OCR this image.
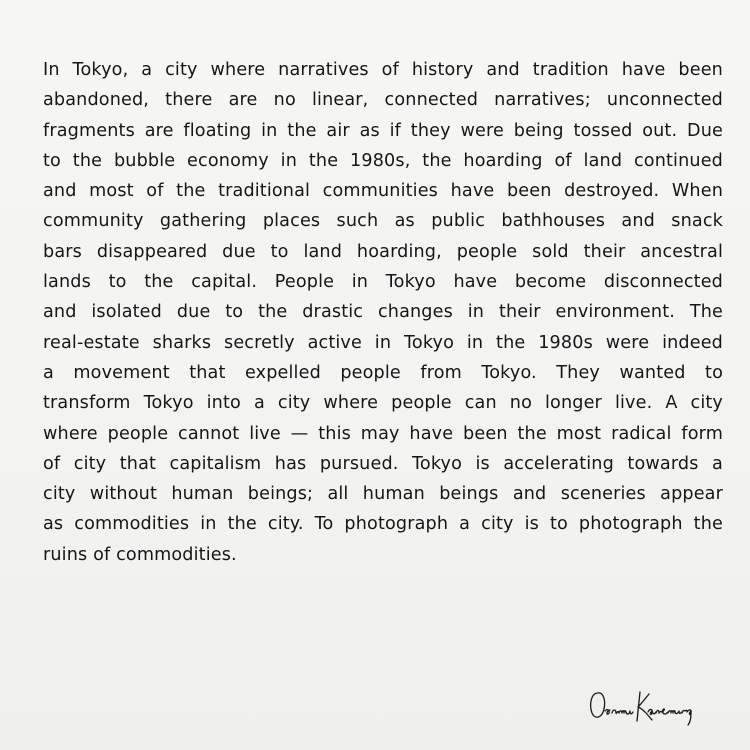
In Tokyo, a city where narratives of history and tradition have been
abandoned, there are no linear, connected narratives; unconnected
fragments are floating in the air as if they were being tossed out. Due
to the bubble economy in the 1980s, the hoarding of land continued
and most of the traditional communities have been destroyed. When
community gathering places such as public bathhouses and snack
bars disappeared due to land hoarding, people sold their ancestral
lands to the capital. People in Tokyo have become disconnected
and isolated due to the drastic changes in their environment. The
real-estate sharks secretly active in Tokyo in the 1980s were indeed
a movement that expelled people from Tokyo. They wanted to
transform Tokyo into a city where people can no longer live. A city
where people cannot live — this may have been the most radical form
of city that capitalism has pursued. Tokyo is accelerating towards a
city without human beings; all human beings and sceneries appear
as commodities in the city. To photograph a city is to photograph the
ruins of commodities.
